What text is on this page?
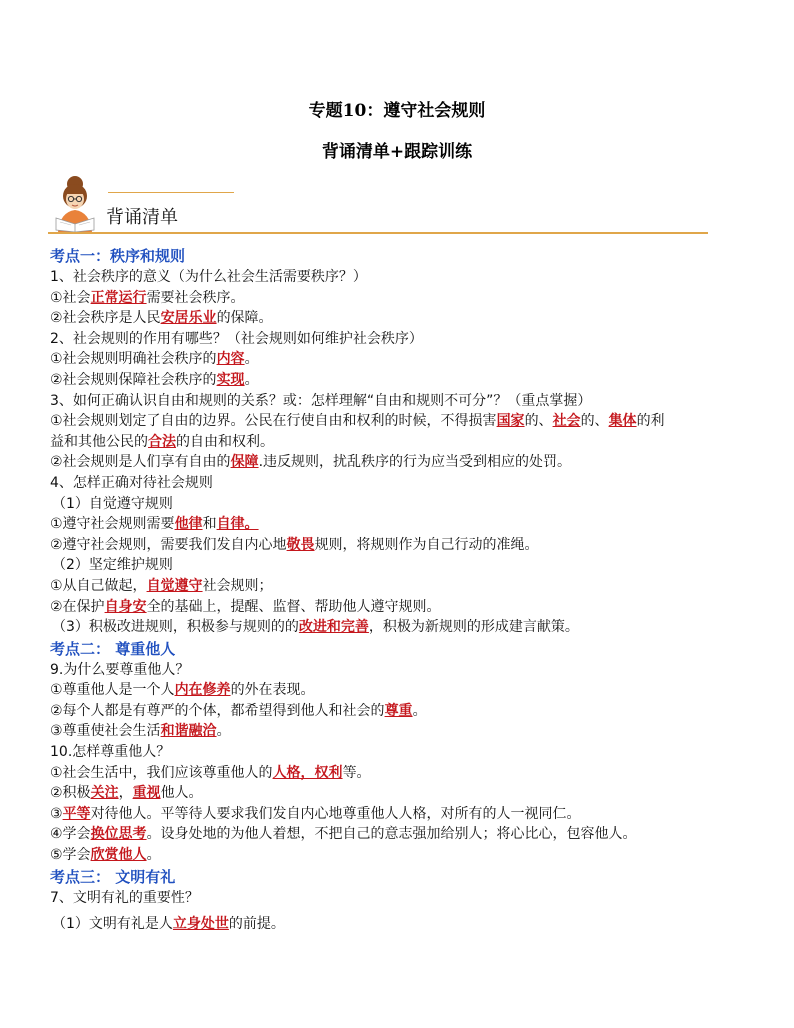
专题10：遵守社会规则
背诵清单+跟踪训练
背诵清单
考点一：秩序和规则
1、社会秩序的意义（为什么社会生活需要秩序？）
①社会正常运行需要社会秩序。
②社会秩序是人民安居乐业的保障。
2、社会规则的作用有哪些？（社会规则如何维护社会秩序）
①社会规则明确社会秩序的内容。
②社会规则保障社会秩序的实现。
3、如何正确认识自由和规则的关系？或：怎样理解“自由和规则不可分”？（重点掌握）
①社会规则划定了自由的边界。公民在行使自由和权利的时候，不得损害国家的、社会的、集体的利
益和其他公民的合法的自由和权利。
②社会规则是人们享有自由的保障.违反规则，扰乱秩序的行为应当受到相应的处罚。
4、怎样正确对待社会规则
（1）自觉遵守规则
①遵守社会规则需要他律和自律。
②遵守社会规则，需要我们发自内心地敬畏规则，将规则作为自己行动的准绳。
（2）坚定维护规则
①从自己做起，自觉遵守社会规则；
②在保护自身安全的基础上，提醒、监督、帮助他人遵守规则。
（3）积极改进规则，积极参与规则的的改进和完善，积极为新规则的形成建言献策。
考点二： 尊重他人
9.为什么要尊重他人？
①尊重他人是一个人内在修养的外在表现。
②每个人都是有尊严的个体，都希望得到他人和社会的尊重。
③尊重使社会生活和谐融洽。
10.怎样尊重他人？
①社会生活中，我们应该尊重他人的人格，权利等。
②积极关注，重视他人。
③平等对待他人。平等待人要求我们发自内心地尊重他人人格，对所有的人一视同仁。
④学会换位思考。设身处地的为他人着想，不把自己的意志强加给别人；将心比心，包容他人。
⑤学会欣赏他人。
考点三： 文明有礼
7、文明有礼的重要性？
（1）文明有礼是人立身处世的前提。
